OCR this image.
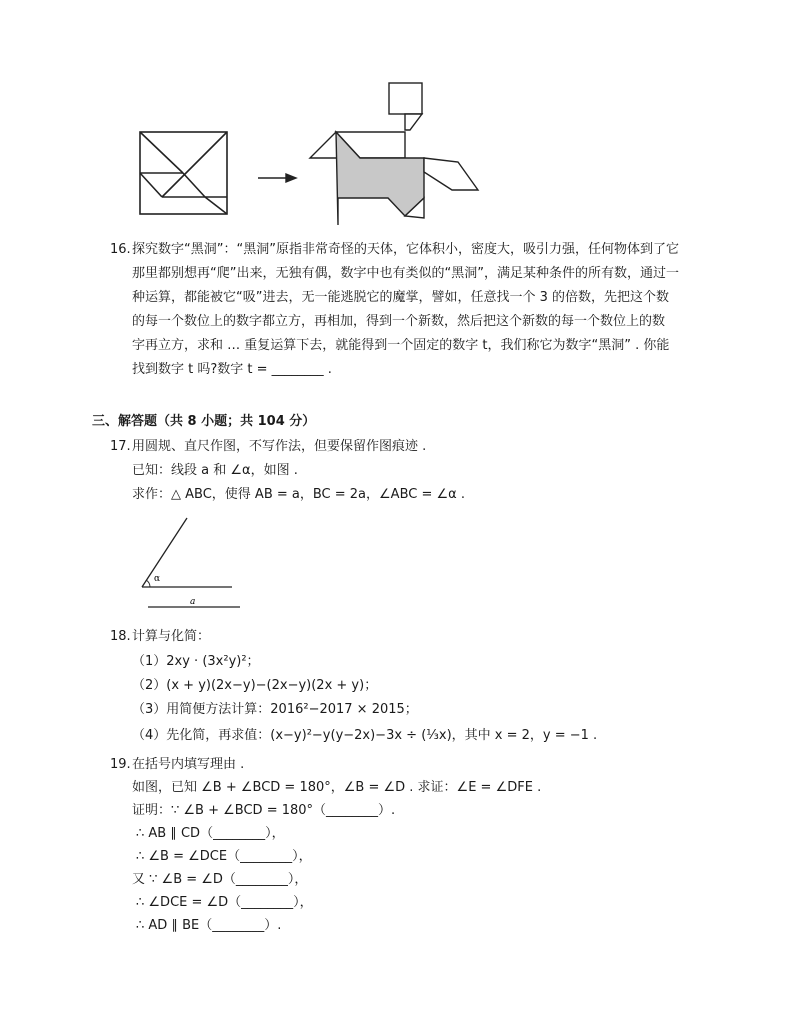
16. 探究数字“黑洞”：“黑洞”原指非常奇怪的天体，它体积小，密度大，吸引力强，任何物体到了它
那里都别想再“爬”出来，无独有偶，数字中也有类似的“黑洞”，满足某种条件的所有数，通过一
种运算，都能被它“吸”进去，无一能逃脱它的魔掌，譬如，任意找一个 3 的倍数，先把这个数
的每一个数位上的数字都立方，再相加，得到一个新数，然后把这个新数的每一个数位上的数
字再立方，求和 … 重复运算下去，就能得到一个固定的数字 t，我们称它为数字“黑洞” . 你能
找到数字 t 吗?数字 t = ________ .
三、解答题（共 8 小题；共 104 分）
17. 用圆规、直尺作图，不写作法，但要保留作图痕迹 .
已知：线段 a 和 ∠α，如图 .
求作：△ ABC，使得 AB = a，BC = 2a，∠ABC = ∠α .
α
a
18. 计算与化简：
（1）2xy · (3x²y)²；
（2）(x + y)(2x−y)−(2x−y)(2x + y)；
（3）用简便方法计算：2016²−2017 × 2015；
（4）先化简，再求值：(x−y)²−y(y−2x)−3x ÷ (⅓x)，其中 x = 2，y = −1 .
19. 在括号内填写理由 .
如图，已知 ∠B + ∠BCD = 180°，∠B = ∠D . 求证：∠E = ∠DFE .
证明：∵ ∠B + ∠BCD = 180°（________）.
∴ AB ∥ CD（________），
∴ ∠B = ∠DCE（________），
又 ∵ ∠B = ∠D（________），
∴ ∠DCE = ∠D（________），
∴ AD ∥ BE（________）.
